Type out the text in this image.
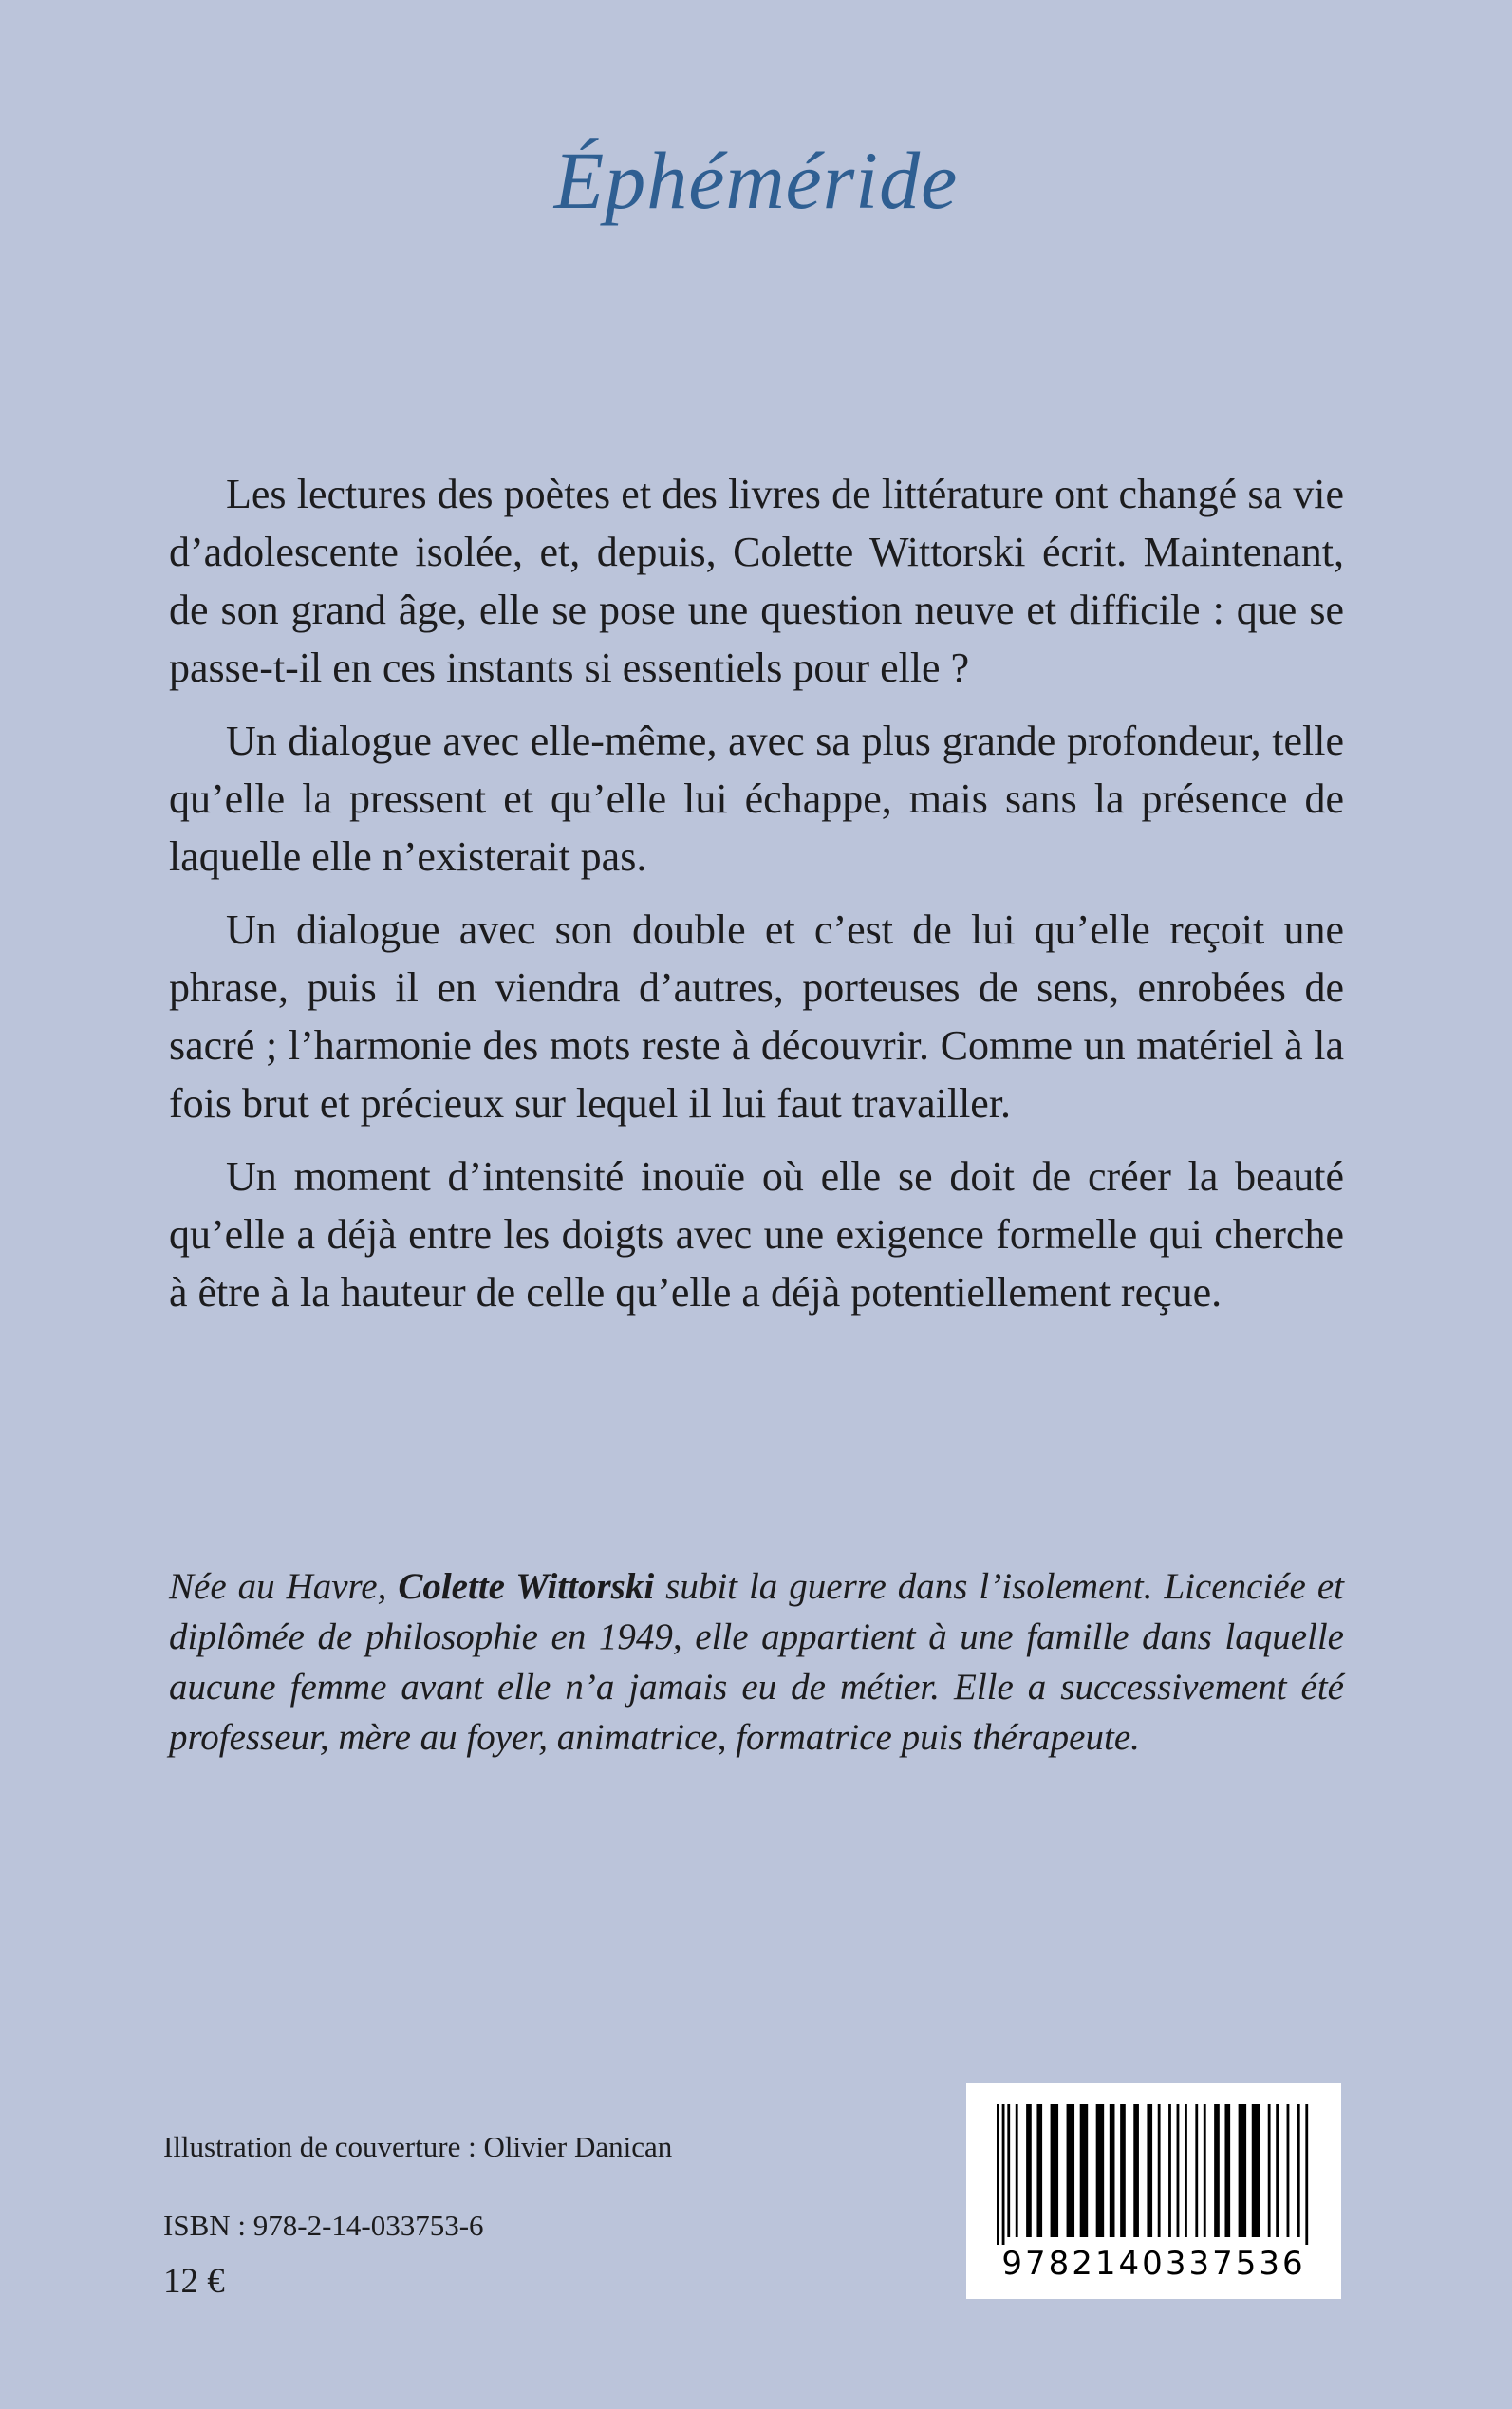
Éphéméride

Les lectures des poètes et des livres de littérature ont changé sa vie d’adolescente isolée, et, depuis, Colette Wittorski écrit. Maintenant, de son grand âge, elle se pose une question neuve et difficile : que se passe-t-il en ces instants si essentiels pour elle ?

Un dialogue avec elle-même, avec sa plus grande profondeur, telle qu’elle la pressent et qu’elle lui échappe, mais sans la présence de laquelle elle n’existerait pas.

Un dialogue avec son double et c’est de lui qu’elle reçoit une phrase, puis il en viendra d’autres, porteuses de sens, enrobées de sacré ; l’harmonie des mots reste à découvrir. Comme un matériel à la fois brut et précieux sur lequel il lui faut travailler.

Un moment d’intensité inouïe où elle se doit de créer la beauté qu’elle a déjà entre les doigts avec une exigence formelle qui cherche à être à la hauteur de celle qu’elle a déjà potentiellement reçue.

Née au Havre, Colette Wittorski subit la guerre dans l’isolement. Licenciée et diplômée de philosophie en 1949, elle appartient à une famille dans laquelle aucune femme avant elle n’a jamais eu de métier. Elle a successivement été professeur, mère au foyer, animatrice, formatrice puis thérapeute.

Illustration de couverture : Olivier Danican
ISBN : 978-2-14-033753-6
12 €	9782140337536
